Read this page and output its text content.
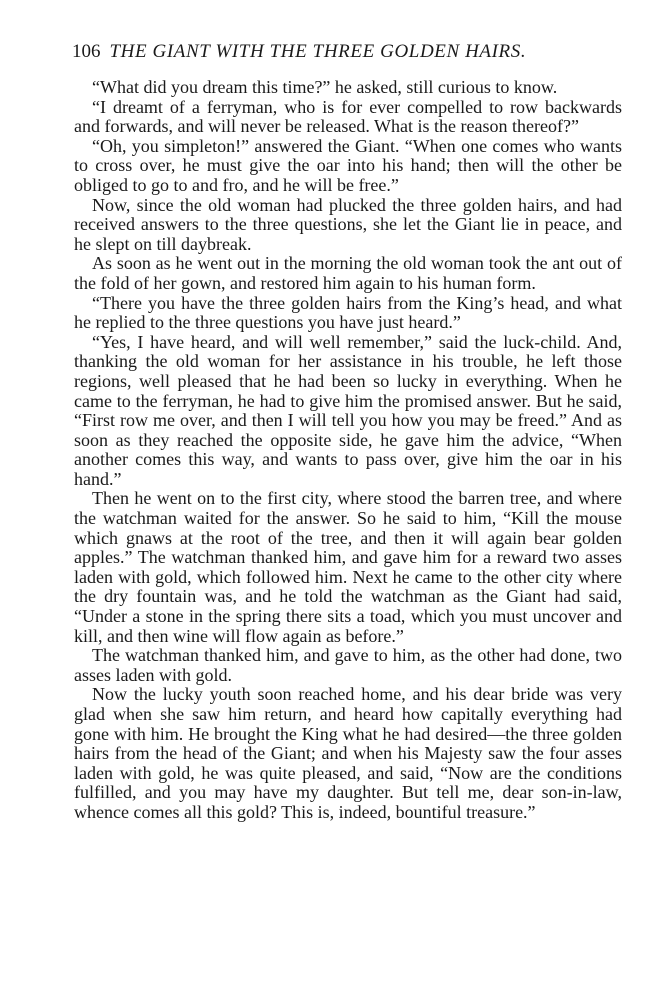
106 THE GIANT WITH THE THREE GOLDEN HAIRS.

“What did you dream this time?” he asked, still curious to know.

“I dreamt of a ferryman, who is for ever compelled to row backwards and forwards, and will never be released. What is the reason thereof?”

“Oh, you simpleton!” answered the Giant. “When one comes who wants to cross over, he must give the oar into his hand; then will the other be obliged to go to and fro, and he will be free.”

Now, since the old woman had plucked the three golden hairs, and had received answers to the three questions, she let the Giant lie in peace, and he slept on till daybreak.

As soon as he went out in the morning the old woman took the ant out of the fold of her gown, and restored him again to his human form.

“There you have the three golden hairs from the King’s head, and what he replied to the three questions you have just heard.”

“Yes, I have heard, and will well remember,” said the luck-child. And, thanking the old woman for her assistance in his trouble, he left those regions, well pleased that he had been so lucky in everything. When he came to the ferryman, he had to give him the promised answer. But he said, “First row me over, and then I will tell you how you may be freed.” And as soon as they reached the opposite side, he gave him the advice, “When another comes this way, and wants to pass over, give him the oar in his hand.”

Then he went on to the first city, where stood the barren tree, and where the watchman waited for the answer. So he said to him, “Kill the mouse which gnaws at the root of the tree, and then it will again bear golden apples.” The watchman thanked him, and gave him for a reward two asses laden with gold, which followed him. Next he came to the other city where the dry fountain was, and he told the watchman as the Giant had said, “Under a stone in the spring there sits a toad, which you must uncover and kill, and then wine will flow again as before.”

The watchman thanked him, and gave to him, as the other had done, two asses laden with gold.

Now the lucky youth soon reached home, and his dear bride was very glad when she saw him return, and heard how capitally everything had gone with him. He brought the King what he had desired—the three golden hairs from the head of the Giant; and when his Majesty saw the four asses laden with gold, he was quite pleased, and said, “Now are the conditions fulfilled, and you may have my daughter. But tell me, dear son-in-law, whence comes all this gold? This is, indeed, bountiful treasure.”
